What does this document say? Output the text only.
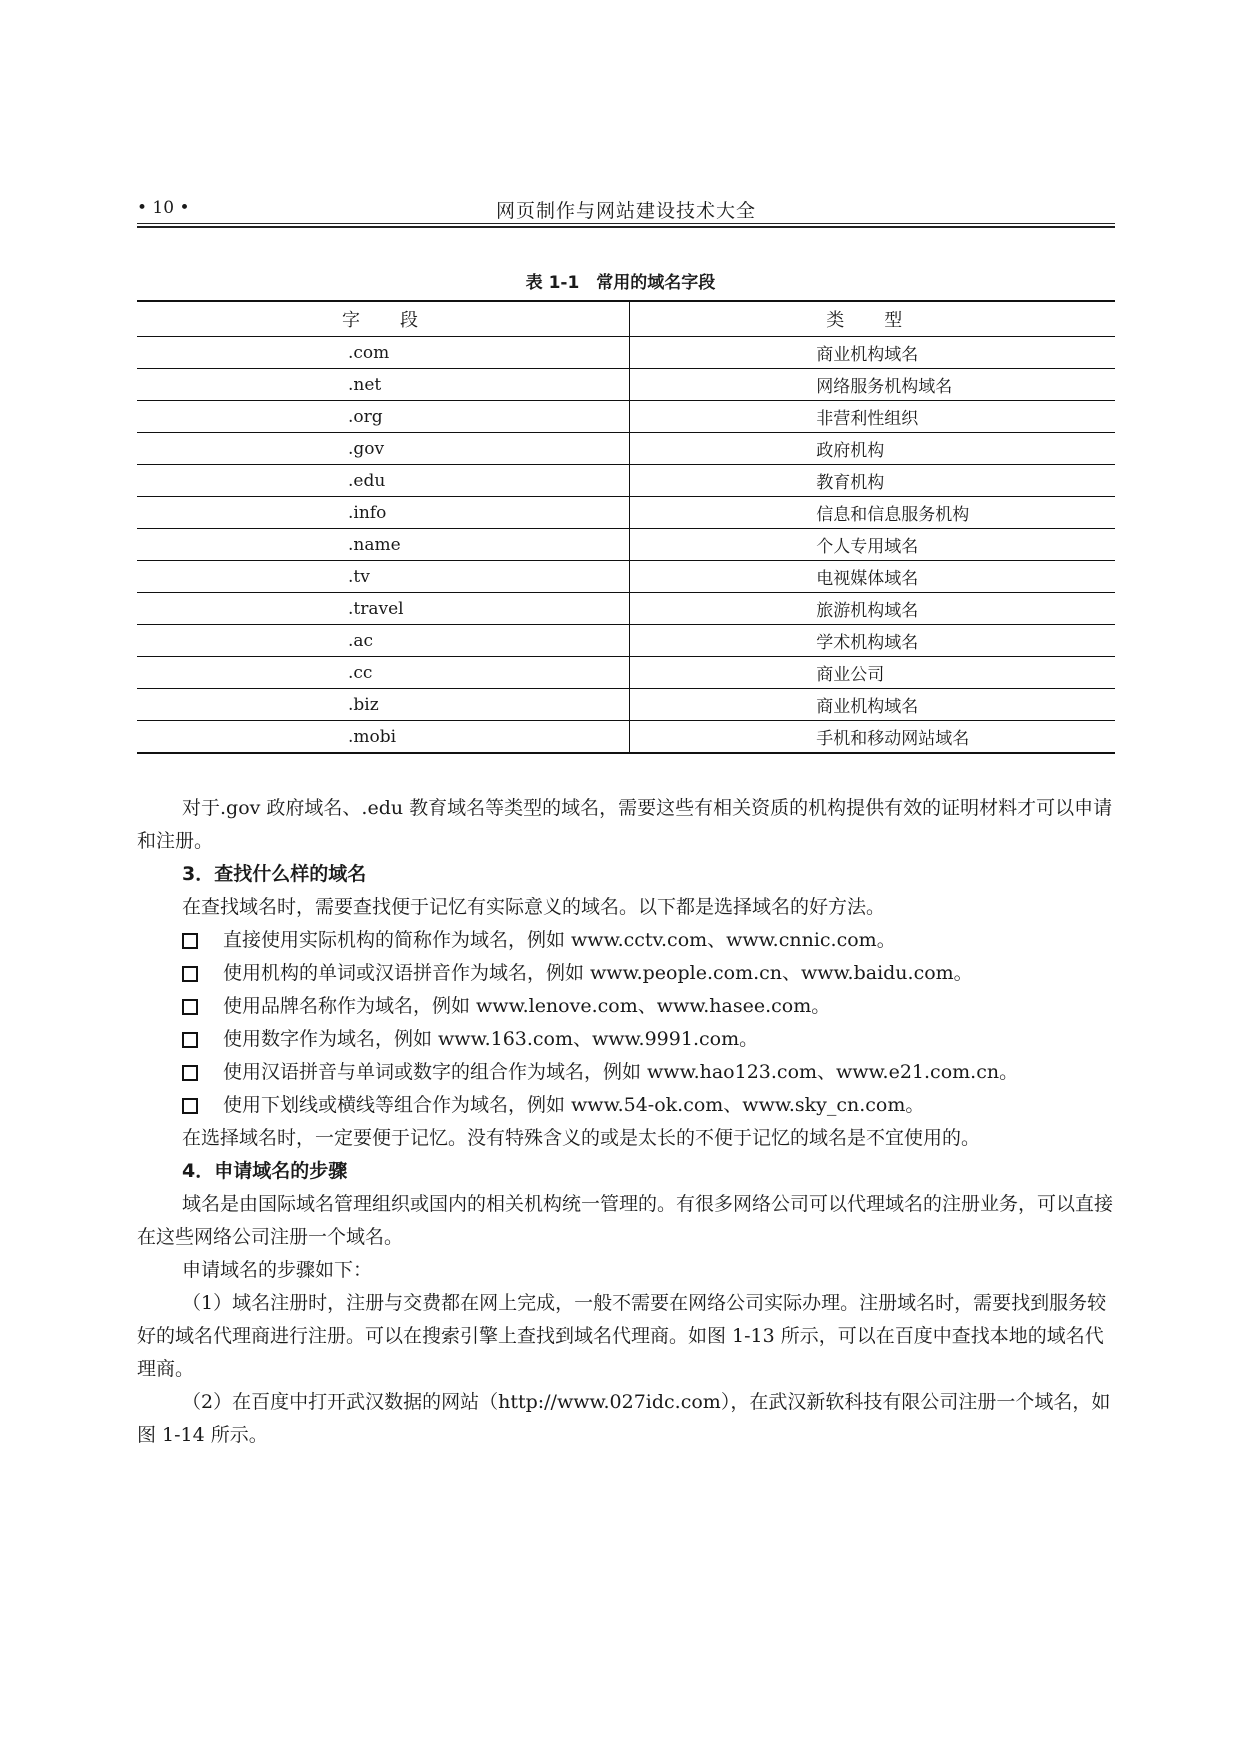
• 10 •	网页制作与网站建设技术大全
表 1-1　常用的域名字段
字段	类型
.com	商业机构域名
.net	网络服务机构域名
.org	非营利性组织
.gov	政府机构
.edu	教育机构
.info	信息和信息服务机构
.name	个人专用域名
.tv	电视媒体域名
.travel	旅游机构域名
.ac	学术机构域名
.cc	商业公司
.biz	商业机构域名
.mobi	手机和移动网站域名

对于.gov 政府域名、.edu 教育域名等类型的域名，需要这些有相关资质的机构提供有效的证明材料才可以申请和注册。

3．查找什么样的域名

在查找域名时，需要查找便于记忆有实际意义的域名。以下都是选择域名的好方法。

直接使用实际机构的简称作为域名，例如 www.cctv.com、www.cnnic.com。

使用机构的单词或汉语拼音作为域名，例如 www.people.com.cn、www.baidu.com。

使用品牌名称作为域名，例如 www.lenove.com、www.hasee.com。

使用数字作为域名，例如 www.163.com、www.9991.com。

使用汉语拼音与单词或数字的组合作为域名，例如 www.hao123.com、www.e21.com.cn。

使用下划线或横线等组合作为域名，例如 www.54-ok.com、www.sky_cn.com。

在选择域名时，一定要便于记忆。没有特殊含义的或是太长的不便于记忆的域名是不宜使用的。

4．申请域名的步骤

域名是由国际域名管理组织或国内的相关机构统一管理的。有很多网络公司可以代理域名的注册业务，可以直接在这些网络公司注册一个域名。

申请域名的步骤如下：

（1）域名注册时，注册与交费都在网上完成，一般不需要在网络公司实际办理。注册域名时，需要找到服务较好的域名代理商进行注册。可以在搜索引擎上查找到域名代理商。如图 1-13 所示，可以在百度中查找本地的域名代理商。

（2）在百度中打开武汉数据的网站（http://www.027idc.com），在武汉新软科技有限公司注册一个域名，如图 1-14 所示。
